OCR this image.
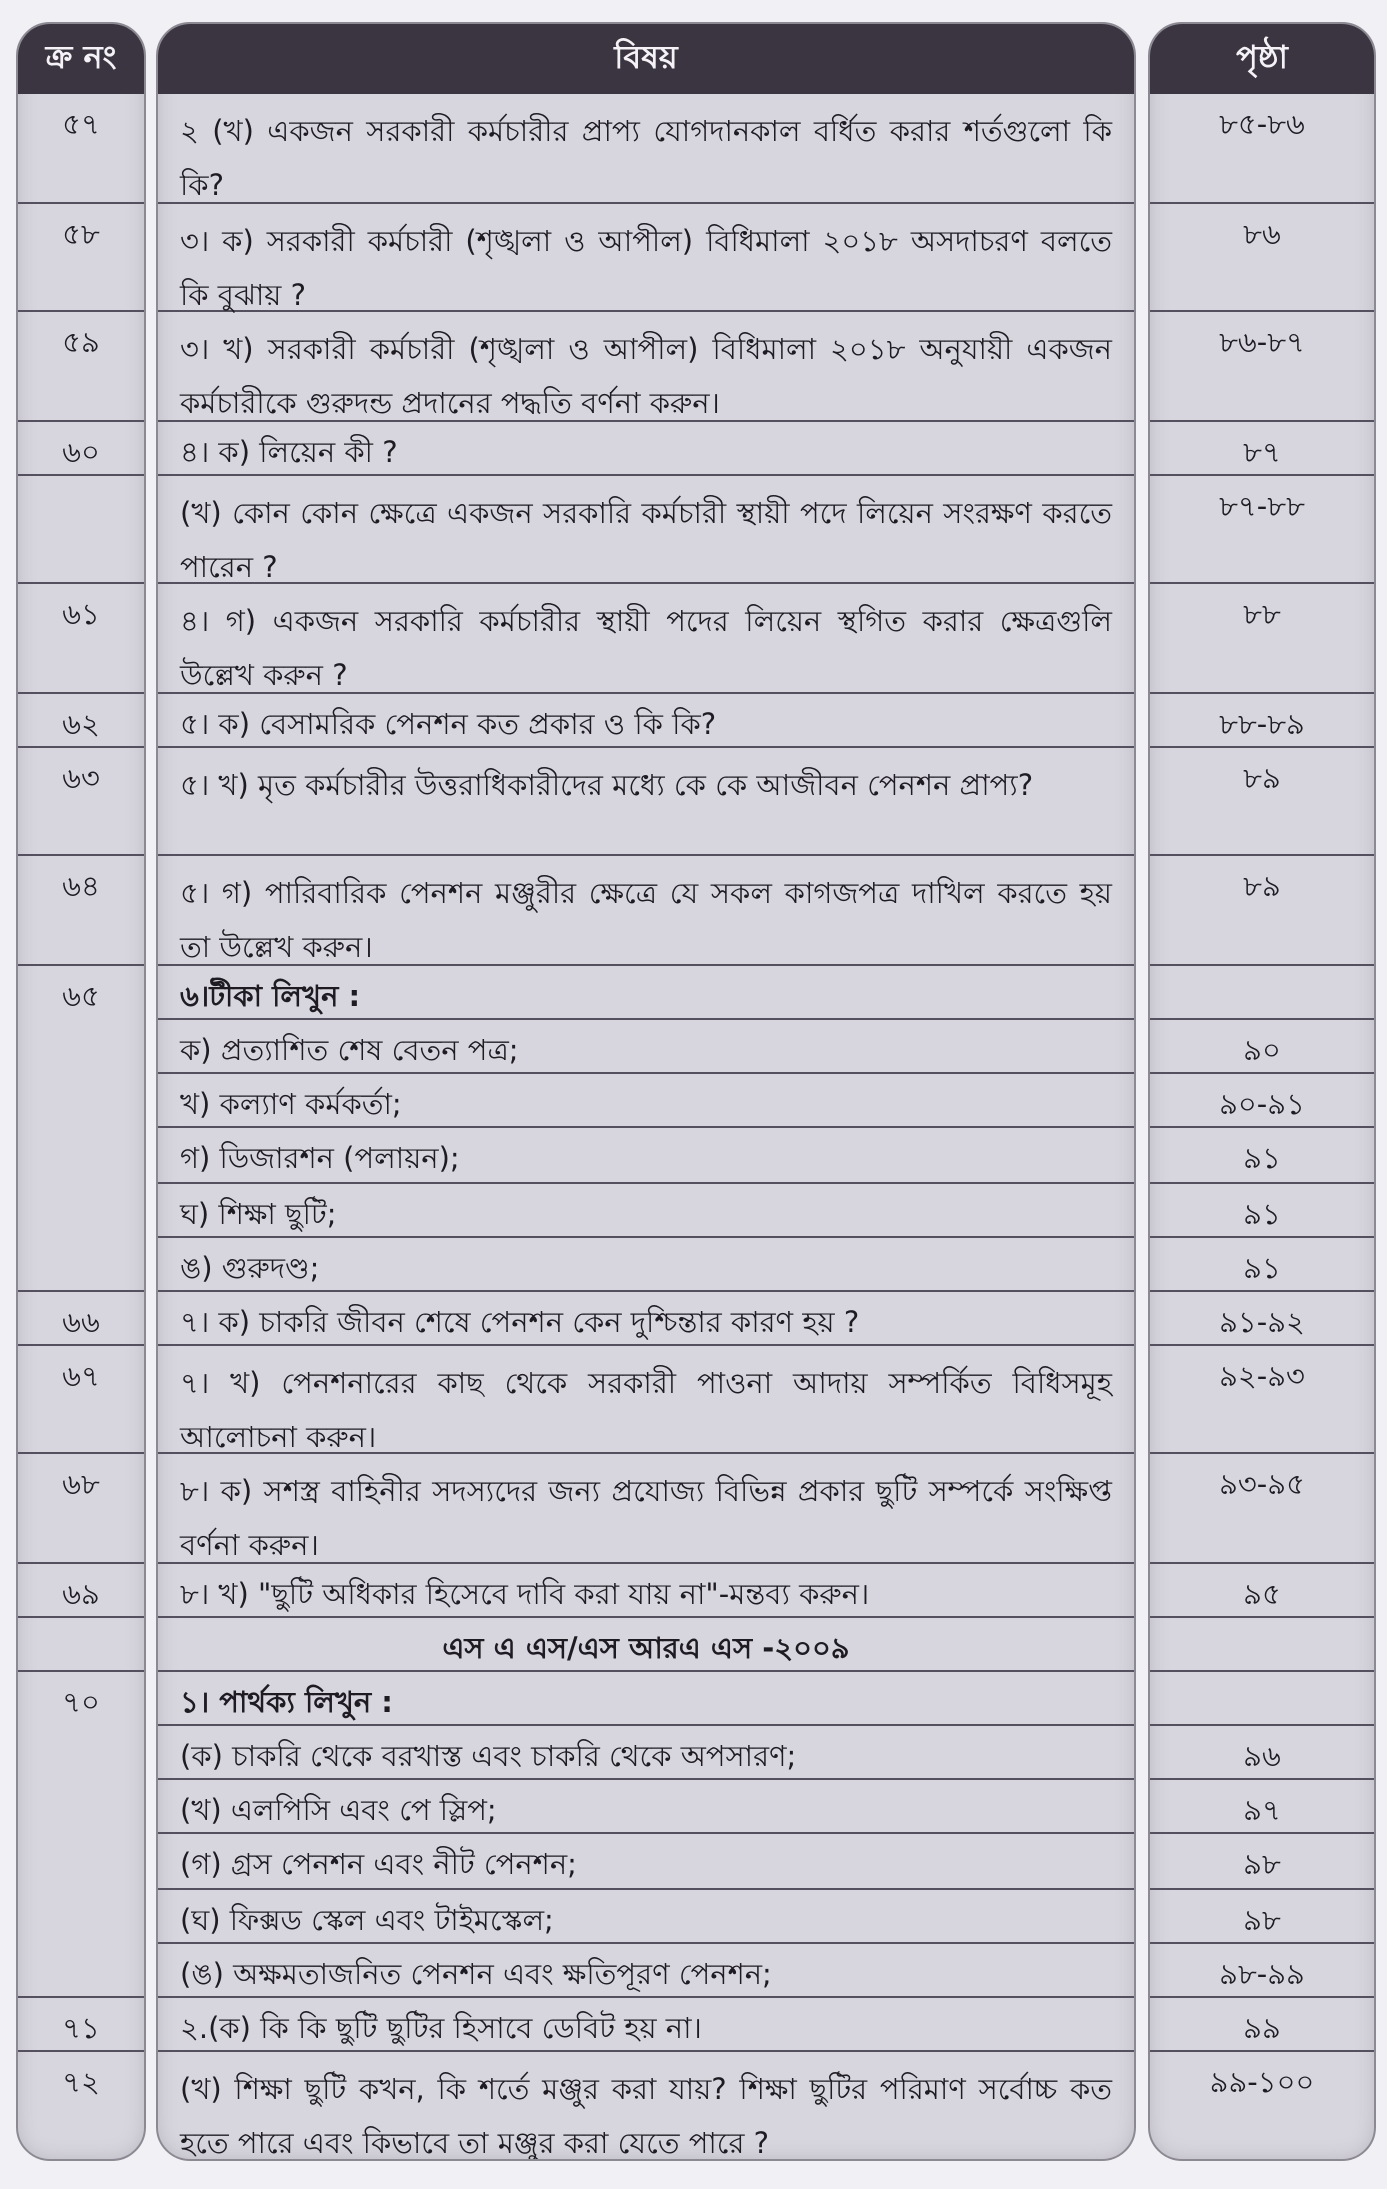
ক্র নং
৫৭
৫৮
৫৯
৬০
৬১
৬২
৬৩
৬৪
৬৫
৬৬
৬৭
৬৮
৬৯
৭০
৭১
৭২
বিষয়
২ (খ) একজন সরকারী কর্মচারীর প্রাপ্য যোগদানকাল বর্ধিত করার শর্তগুলো কি কি?
৩। ক) সরকারী কর্মচারী (শৃঙ্খলা ও আপীল) বিধিমালা ২০১৮ অসদাচরণ বলতে কি বুঝায় ?
৩। খ) সরকারী কর্মচারী (শৃঙ্খলা ও আপীল) বিধিমালা ২০১৮ অনুযায়ী একজন কর্মচারীকে গুরুদন্ড প্রদানের পদ্ধতি বর্ণনা করুন।
৪। ক) লিয়েন কী ?
(খ) কোন কোন ক্ষেত্রে একজন সরকারি কর্মচারী স্থায়ী পদে লিয়েন সংরক্ষণ করতে পারেন ?
৪। গ) একজন সরকারি কর্মচারীর স্থায়ী পদের লিয়েন স্থগিত করার ক্ষেত্রগুলি উল্লেখ করুন ?
৫। ক) বেসামরিক পেনশন কত প্রকার ও কি কি?
৫। খ) মৃত কর্মচারীর উত্তরাধিকারীদের মধ্যে কে কে আজীবন পেনশন প্রাপ্য?
৫। গ) পারিবারিক পেনশন মঞ্জুরীর ক্ষেত্রে যে সকল কাগজপত্র দাখিল করতে হয় তা উল্লেখ করুন।
৬।টীকা লিখুন :
ক) প্রত্যাশিত শেষ বেতন পত্র;
খ) কল্যাণ কর্মকর্তা;
গ) ডিজারশন (পলায়ন);
ঘ) শিক্ষা ছুটি;
ঙ) গুরুদণ্ড;
৭। ক) চাকরি জীবন শেষে পেনশন কেন দুশ্চিন্তার কারণ হয় ?
৭। খ) পেনশনারের কাছ থেকে সরকারী পাওনা আদায় সম্পর্কিত বিধিসমূহ আলোচনা করুন।
৮। ক) সশস্ত্র বাহিনীর সদস্যদের জন্য প্রযোজ্য বিভিন্ন প্রকার ছুটি সম্পর্কে সংক্ষিপ্ত বর্ণনা করুন।
৮। খ) "ছুটি অধিকার হিসেবে দাবি করা যায় না"-মন্তব্য করুন।
এস এ এস/এস আরএ এস -২০০৯
১। পার্থক্য লিখুন :
(ক) চাকরি থেকে বরখাস্ত এবং চাকরি থেকে অপসারণ;
(খ) এলপিসি এবং পে স্লিপ;
(গ) গ্রস পেনশন এবং নীট পেনশন;
(ঘ) ফিক্সড স্কেল এবং টাইমস্কেল;
(ঙ) অক্ষমতাজনিত পেনশন এবং ক্ষতিপূরণ পেনশন;
২.(ক) কি কি ছুটি ছুটির হিসাবে ডেবিট হয় না।
(খ) শিক্ষা ছুটি কখন, কি শর্তে মঞ্জুর করা যায়? শিক্ষা ছুটির পরিমাণ সর্বোচ্চ কত হতে পারে এবং কিভাবে তা মঞ্জুর করা যেতে পারে ?
পৃষ্ঠা
৮৫-৮৬
৮৬
৮৬-৮৭
৮৭
৮৭-৮৮
৮৮
৮৮-৮৯
৮৯
৮৯
৯০
৯০-৯১
৯১
৯১
৯১
৯১-৯২
৯২-৯৩
৯৩-৯৫
৯৫
৯৬
৯৭
৯৮
৯৮
৯৮-৯৯
৯৯
৯৯-১০০
